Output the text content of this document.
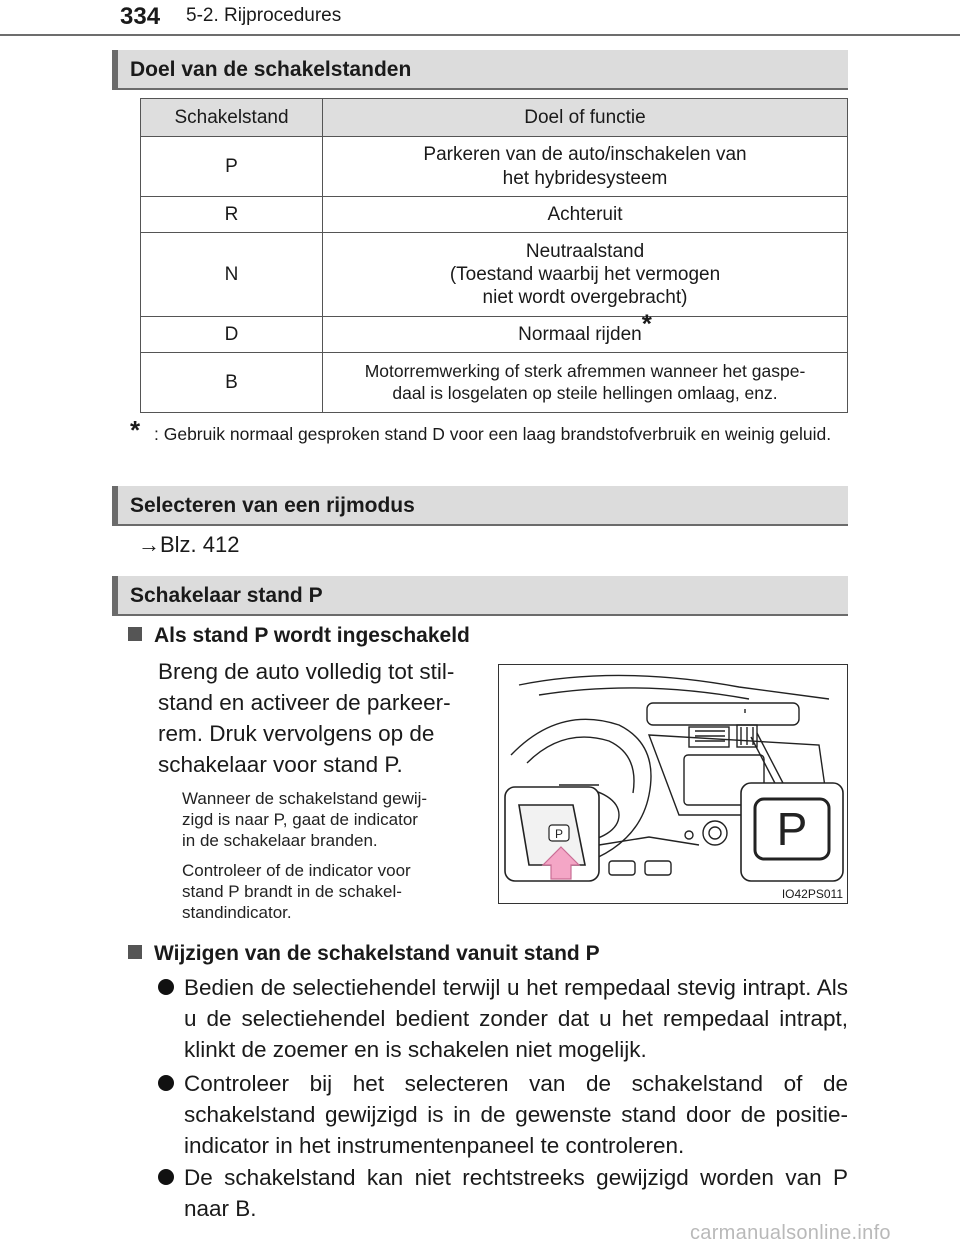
334 5-2. Rijprocedures
Doel van de schakelstanden
Schakelstand	Doel of functie
P	Parkeren van de auto/inschakelen van
het hybridesysteem
R	Achteruit
N	Neutraalstand
(Toestand waarbij het vermogen
niet wordt overgebracht)
D	Normaal rijden*
B	Motorremwerking of sterk afremmen wanneer het gaspe-
daal is losgelaten op steile hellingen omlaag, enz.
* : Gebruik normaal gesproken stand D voor een laag brandstofverbruik en weinig geluid.

Selecteren van een rijmodus
→Blz. 412
Schakelaar stand P
Als stand P wordt ingeschakeld
Breng de auto volledig tot stil-
stand en activeer de parkeer-
rem. Druk vervolgens op de
schakelaar voor stand P.
Wanneer de schakelstand gewij-
zigd is naar P, gaat de indicator
in de schakelaar branden.
Controleer of de indicator voor
stand P brandt in de schakel-
standindicator.
P	P
IO42PS011
Wijzigen van de schakelstand vanuit stand P

Bedien de selectiehendel terwijl u het rempedaal stevig intrapt. Als u de selectiehendel bedient zonder dat u het rempedaal intrapt, klinkt de zoemer en is schakelen niet mogelijk.

Controleer bij het selecteren van de schakelstand of de schakelstand gewijzigd is in de gewenste stand door de positie-indicator in het instrumentenpaneel te controleren.

De schakelstand kan niet rechtstreeks gewijzigd worden van P naar B.

carmanualsonline.info
